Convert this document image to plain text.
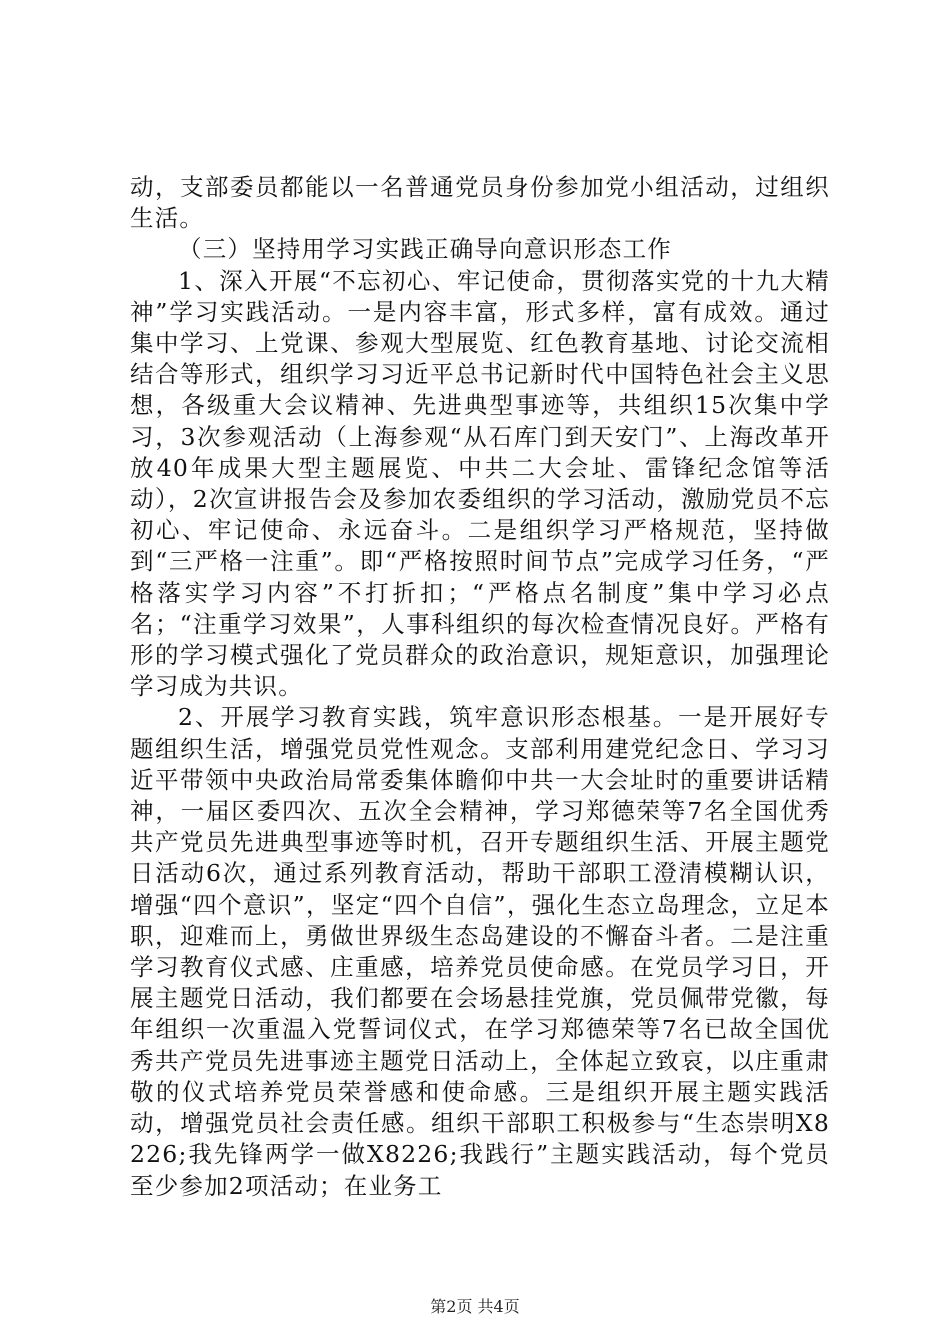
动，支部委员都能以一名普通党员身份参加党小组活动，过组织生活。

（三）坚持用学习实践正确导向意识形态工作

1、深入开展“不忘初心、牢记使命，贯彻落实党的十九大精神”学习实践活动。一是内容丰富，形式多样，富有成效。通过集中学习、上党课、参观大型展览、红色教育基地、讨论交流相结合等形式，组织学习习近平总书记新时代中国特色社会主义思想，各级重大会议精神、先进典型事迹等，共组织15次集中学习，3次参观活动（上海参观“从石库门到天安门”、上海改革开放40年成果大型主题展览、中共二大会址、雷锋纪念馆等活动），2次宣讲报告会及参加农委组织的学习活动，激励党员不忘初心、牢记使命、永远奋斗。二是组织学习严格规范，坚持做到“三严格一注重”。即“严格按照时间节点”完成学习任务，“严格落实学习内容”不打折扣；“严格点名制度”集中学习必点名；“注重学习效果”，人事科组织的每次检查情况良好。严格有形的学习模式强化了党员群众的政治意识，规矩意识，加强理论学习成为共识。

2、开展学习教育实践，筑牢意识形态根基。一是开展好专题组织生活，增强党员党性观念。支部利用建党纪念日、学习习近平带领中央政治局常委集体瞻仰中共一大会址时的重要讲话精神，一届区委四次、五次全会精神，学习郑德荣等7名全国优秀共产党员先进典型事迹等时机，召开专题组织生活、开展主题党日活动6次，通过系列教育活动，帮助干部职工澄清模糊认识，增强“四个意识”，坚定“四个自信”，强化生态立岛理念，立足本职，迎难而上，勇做世界级生态岛建设的不懈奋斗者。二是注重学习教育仪式感、庄重感，培养党员使命感。在党员学习日，开展主题党日活动，我们都要在会场悬挂党旗，党员佩带党徽，每年组织一次重温入党誓词仪式，在学习郑德荣等7名已故全国优秀共产党员先进事迹主题党日活动上，全体起立致哀，以庄重肃敬的仪式培养党员荣誉感和使命感。三是组织开展主题实践活动，增强党员社会责任感。组织干部职工积极参与“生态崇明X8226;我先锋两学一做X8226;我践行”主题实践活动，每个党员至少参加2项活动；在业务工

第2页 共4页
